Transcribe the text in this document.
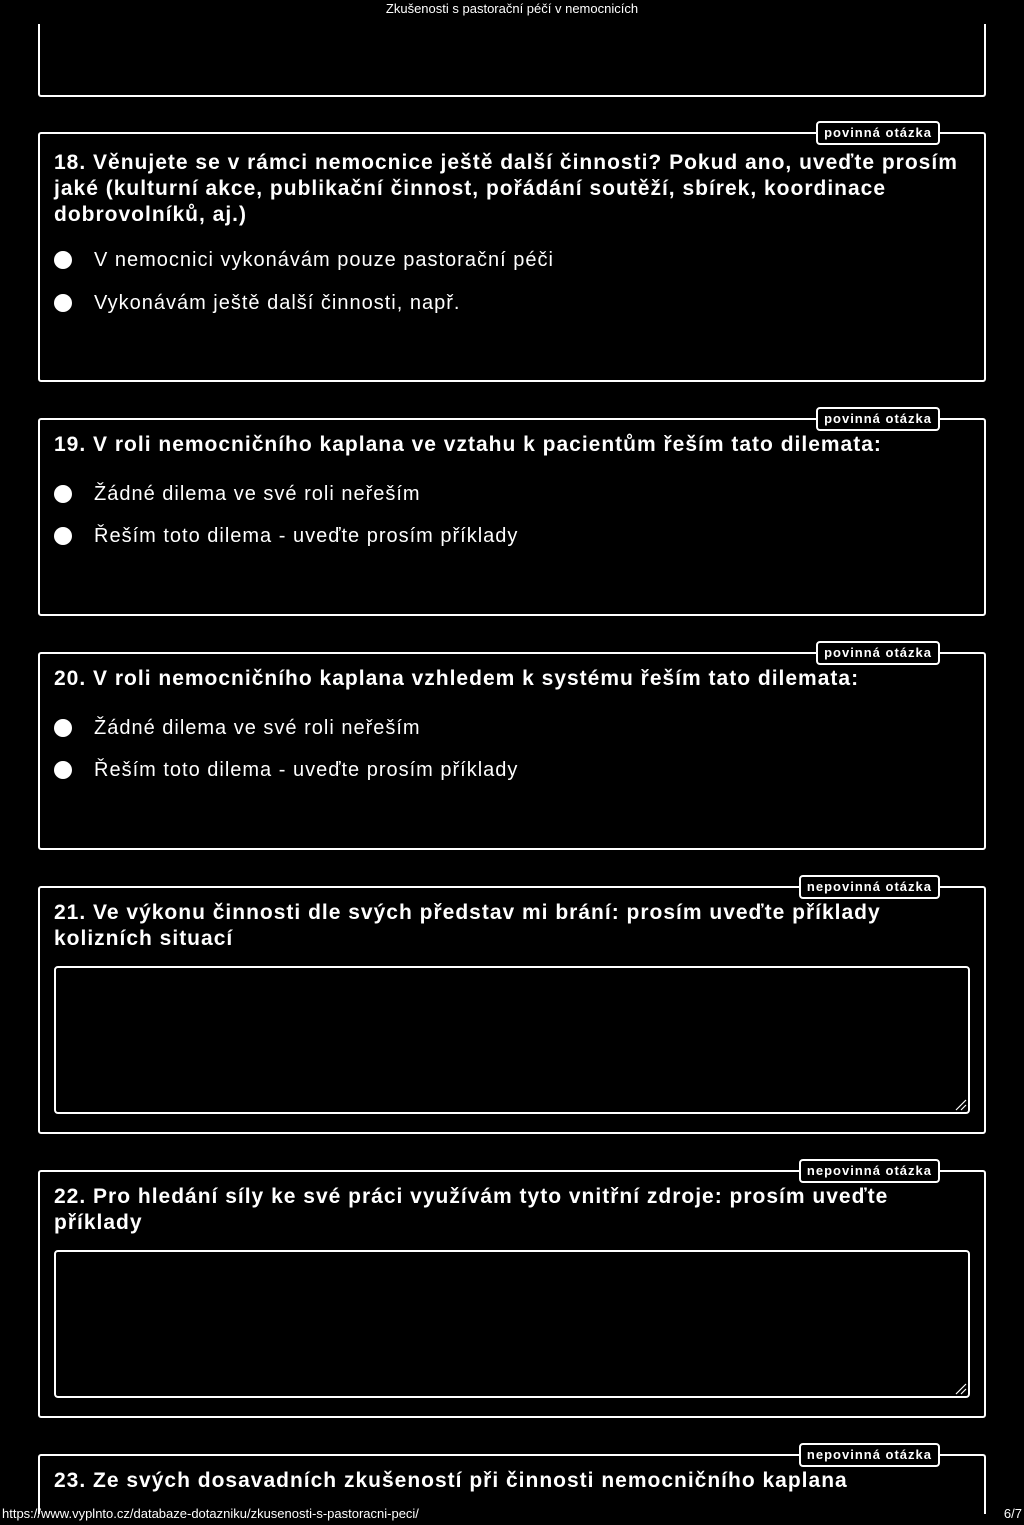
Zkušenosti s pastorační péčí v nemocnicích
povinná otázka
18. Věnujete se v rámci nemocnice ještě další činnosti? Pokud ano, uveďte prosím jaké (kulturní akce, publikační činnost, pořádání soutěží, sbírek, koordinace dobrovolníků, aj.)
V nemocnici vykonávám pouze pastorační péči
Vykonávám ještě další činnosti, např.
povinná otázka
19. V roli nemocničního kaplana ve vztahu k pacientům řeším tato dilemata:
Žádné dilema ve své roli neřeším
Řeším toto dilema - uveďte prosím příklady
povinná otázka
20. V roli nemocničního kaplana vzhledem k systému řeším tato dilemata:
Žádné dilema ve své roli neřeším
Řeším toto dilema - uveďte prosím příklady
nepovinná otázka
21. Ve výkonu činnosti dle svých představ mi brání: prosím uveďte příklady kolizních situací
nepovinná otázka
22. Pro hledání síly ke své práci využívám tyto vnitřní zdroje: prosím uveďte příklady
nepovinná otázka
23. Ze svých dosavadních zkušeností při činnosti nemocničního kaplana
https://www.vyplnto.cz/databaze-dotazniku/zkusenosti-s-pastoracni-peci/	6/7
